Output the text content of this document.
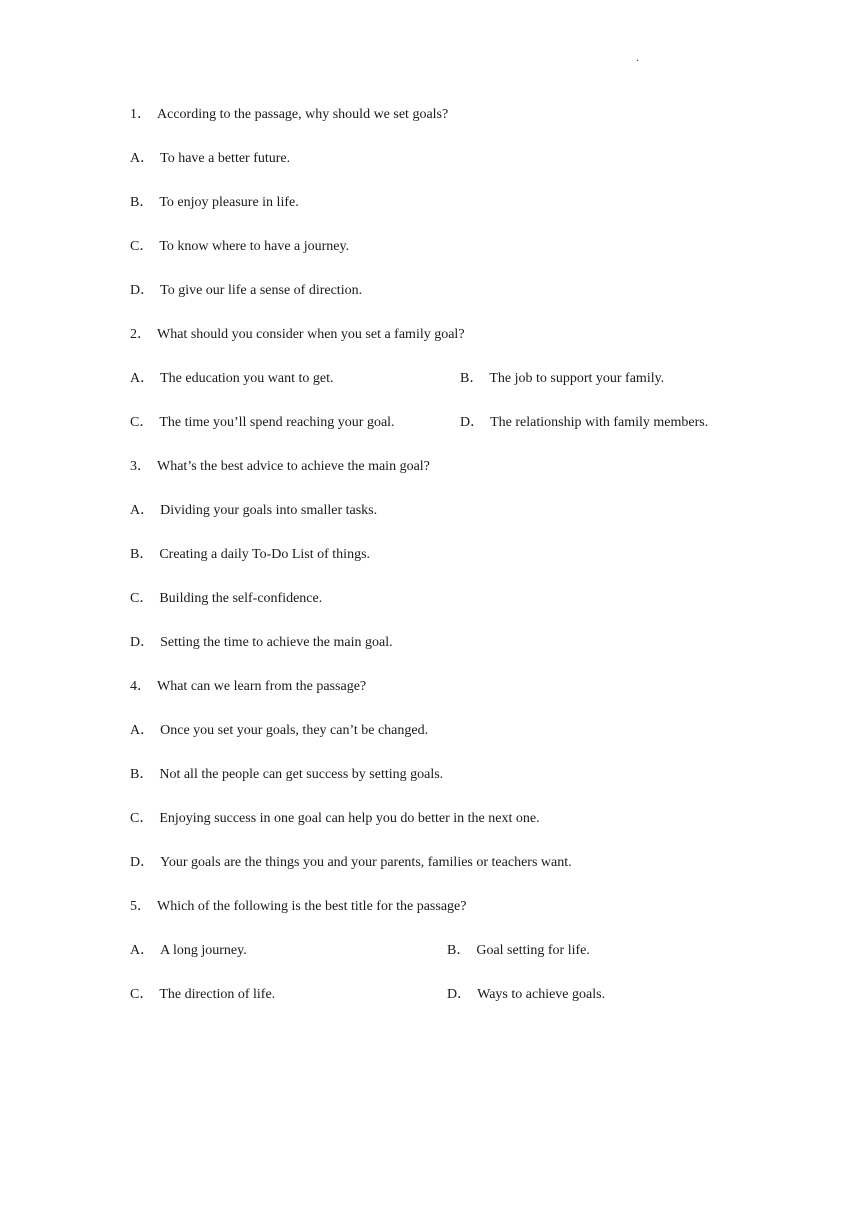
·
1． According to the passage, why should we set goals?
A． To have a better future.
B． To enjoy pleasure in life.
C． To know where to have a journey.
D． To give our life a sense of direction.
2． What should you consider when you set a family goal?
A． The education you want to get.	B． The job to support your family.
C． The time you’ll spend reaching your goal.	D． The relationship with family members.
3． What’s the best advice to achieve the main goal?
A． Dividing your goals into smaller tasks.
B． Creating a daily To-Do List of things.
C． Building the self-confidence.
D． Setting the time to achieve the main goal.
4． What can we learn from the passage?
A． Once you set your goals, they can’t be changed.
B． Not all the people can get success by setting goals.
C． Enjoying success in one goal can help you do better in the next one.
D． Your goals are the things you and your parents, families or teachers want.
5． Which of the following is the best title for the passage?
A． A long journey.	B． Goal setting for life.
C． The direction of life.	D． Ways to achieve goals.
